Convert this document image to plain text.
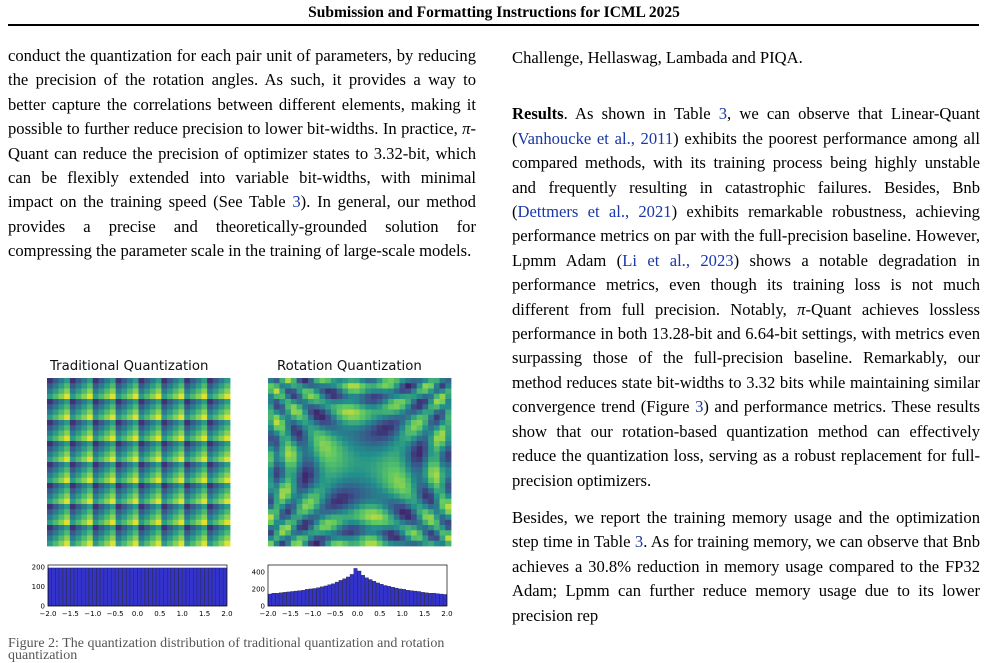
Submission and Formatting Instructions for ICML 2025

conduct the quantization for each pair unit of parameters, by reducing the precision of the rotation angles. As such, it provides a way to better capture the correlations between different elements, making it possible to further reduce precision to lower bit-widths. In practice, π-Quant can reduce the precision of optimizer states to 3.32-bit, which can be flexibly extended into variable bit-widths, with minimal impact on the training speed (See Table 3). In general, our method provides a precise and theoretically-grounded solution for compressing the parameter scale in the training of large-scale models.

Traditional Quantization	Rotation Quantization
−2.0 −1.5 −1.0 −0.5 0.0 0.5 1.0 1.5 2.0
0
100
200
−2.0 −1.5 −1.0 −0.5 0.0 0.5 1.0 1.5 2.0
0
200
400
Figure 2: The quantization distribution of traditional quantization and rotation quantization

Challenge, Hellaswag, Lambada and PIQA.

Results. As shown in Table 3, we can observe that Linear-Quant (Vanhoucke et al., 2011) exhibits the poorest performance among all compared methods, with its training process being highly unstable and frequently resulting in catastrophic failures. Besides, Bnb (Dettmers et al., 2021) exhibits remarkable robustness, achieving performance metrics on par with the full-precision baseline. However, Lpmm Adam (Li et al., 2023) shows a notable degradation in performance metrics, even though its training loss is not much different from full precision. Notably, π-Quant achieves lossless performance in both 13.28-bit and 6.64-bit settings, with metrics even surpassing those of the full-precision baseline. Remarkably, our method reduces state bit-widths to 3.32 bits while maintaining similar convergence trend (Figure 3) and performance metrics. These results show that our rotation-based quantization method can effectively reduce the quantization loss, serving as a robust replacement for full-precision optimizers.

Besides, we report the training memory usage and the optimization step time in Table 3. As for training memory, we can observe that Bnb achieves a 30.8% reduction in memory usage compared to the FP32 Adam; Lpmm can further reduce memory usage due to its lower precision rep
